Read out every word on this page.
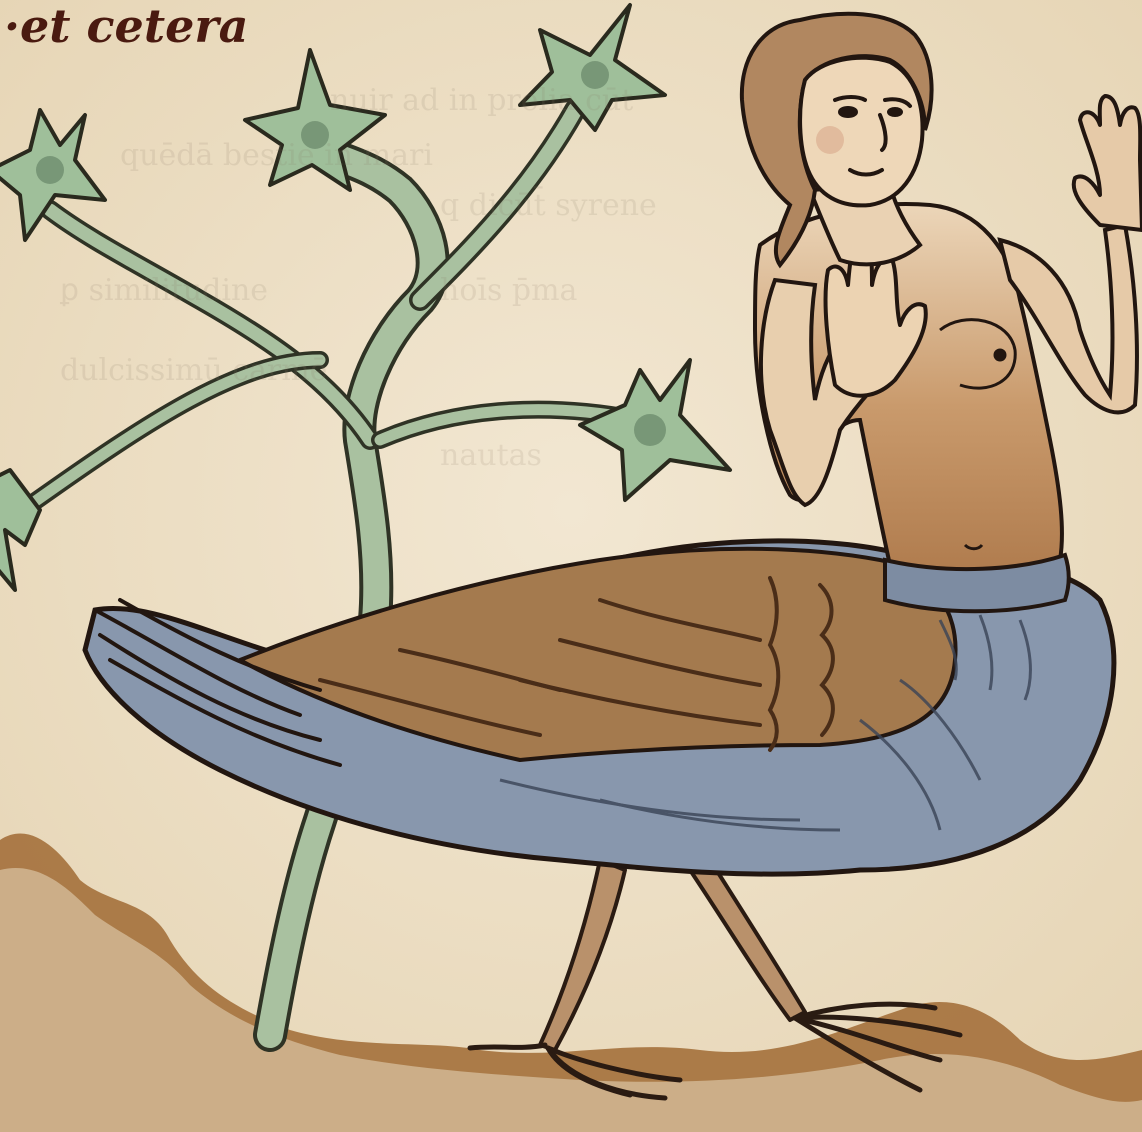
nuir ad in prelia cūt
quēdā bestie in mari
q dicūt̄ syrene
ꝑ similitudine	hoīs p̄ma
dulcissimū carmē
nautas
·et cetera
